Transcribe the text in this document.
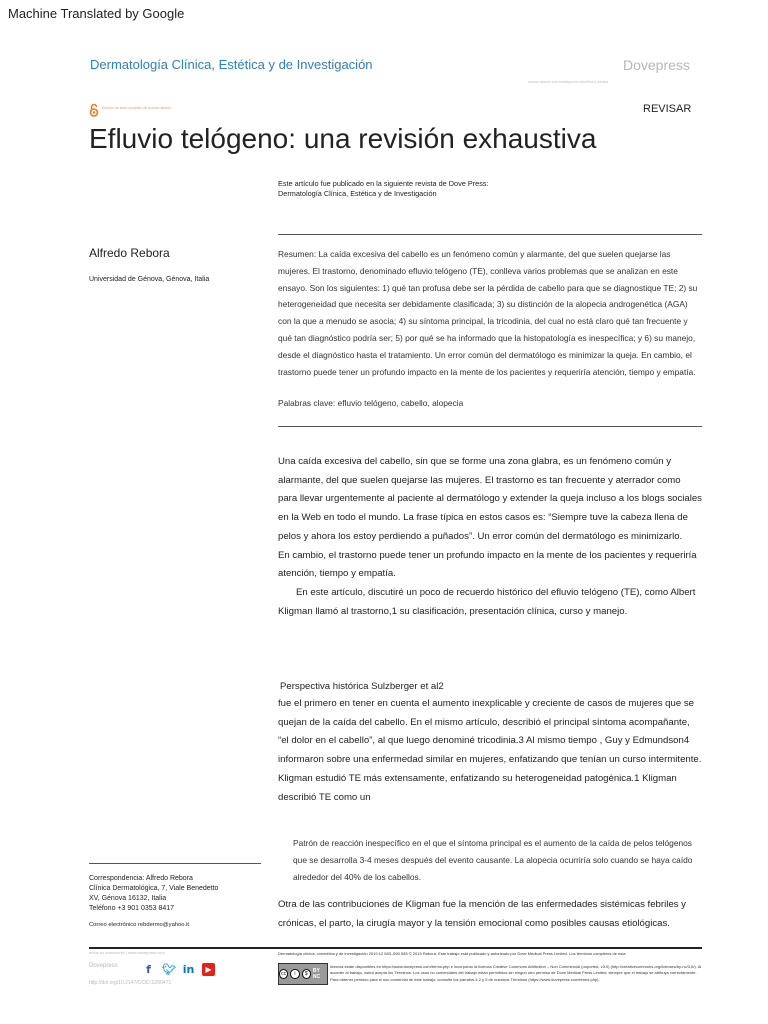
Machine Translated by Google
Dermatología Clínica, Estética y de Investigación	Dovepress
acceso abierto a la investigación científica y médica
Artículo de texto completo de acceso abierto	REVISAR
Efluvio telógeno: una revisión exhaustiva
Este artículo fue publicado en la siguiente revista de Dove Press:
Dermatología Clínica, Estética y de Investigación
Alfredo Rebora
Universidad de Génova, Génova, Italia
Resumen: La caída excesiva del cabello es un fenómeno común y alarmante, del que suelen quejarse las mujeres. El trastorno, denominado efluvio telógeno (TE), conlleva varios problemas que se analizan en este ensayo. Son los siguientes: 1) qué tan profusa debe ser la pérdida de cabello para que se diagnostique TE; 2) su heterogeneidad que necesita ser debidamente clasificada; 3) su distinción de la alopecia androgenética (AGA) con la que a menudo se asocia; 4) su síntoma principal, la tricodinia, del cual no está claro qué tan frecuente y qué tan diagnóstico podría ser; 5) por qué se ha informado que la histopatología es inespecífica; y 6) su manejo, desde el diagnóstico hasta el tratamiento. Un error común del dermatólogo es minimizar la queja. En cambio, el trastorno puede tener un profundo impacto en la mente de los pacientes y requeriría atención, tiempo y empatía.
Palabras clave: efluvio telógeno, cabello, alopecia

Una caída excesiva del cabello, sin que se forme una zona glabra, es un fenómeno común y alarmante, del que suelen quejarse las mujeres. El trastorno es tan frecuente y aterrador como para llevar urgentemente al paciente al dermatólogo y extender la queja incluso a los blogs sociales en la Web en todo el mundo. La frase típica en estos casos es: “Siempre tuve la cabeza llena de pelos y ahora los estoy perdiendo a puñados”. Un error común del dermatólogo es minimizarlo.

En cambio, el trastorno puede tener un profundo impacto en la mente de los pacientes y requeriría atención, tiempo y empatía.

En este artículo, discutiré un poco de recuerdo histórico del efluvio telógeno (TE), como Albert Kligman llamó al trastorno,1 su clasificación, presentación clínica, curso y manejo.

Perspectiva histórica Sulzberger et al2

fue el primero en tener en cuenta el aumento inexplicable y creciente de casos de mujeres que se quejan de la caída del cabello. En el mismo artículo, describió el principal síntoma acompañante, “el dolor en el cabello”, al que luego denominé tricodinia.3 Al mismo tiempo , Guy y Edmundson4 informaron sobre una enfermedad similar en mujeres, enfatizando que tenían un curso intermitente.

Kligman estudió TE más extensamente, enfatizando su heterogeneidad patogénica.1 Kligman describió TE como un

Patrón de reacción inespecífico en el que el síntoma principal es el aumento de la caída de pelos telógenos que se desarrolla 3-4 meses después del evento causante. La alopecia ocurriría solo cuando se haya caído alrededor del 40% de los cabellos.

Otra de las contribuciones de Kligman fue la mención de las enfermedades sistémicas febriles y crónicas, el parto, la cirugía mayor y la tensión emocional como posibles causas etiológicas.

Correspondencia: Alfredo Rebora
Clínica Dermatológica, 7, Viale Benedetto
XV, Génova 16132, Italia
Teléfono +3 901 0353 8417
Correo electrónico rebdermo@yahoo.it
envíe su manuscrito | www.dovepress.com
Dovepress	f	🐦︎ in	▶
http://doi.org/10.2147/CCID.S200471
Dermatología clínica, cosmética y de investigación 2019:12 583–590 583 © 2019 Rebora. Este trabajo está publicado y autorizado por Dove Medical Press Limited. Los términos completos de esta
cc	i	$	BY NC
licencia están disponibles en https://www.dovepress.com/terms.php e incorporan la licencia Creative Commons Attribution – Non Commercial (unported, v3.0) (http://creativecommons.org/licenses/by-nc/3.0/). Al acceder al trabajo, usted acepta los Términos. Los usos no comerciales del trabajo están permitidos sin ningún otro permiso de Dove Medical Press Limited, siempre que el trabajo se atribuya correctamente. Para obtener permiso para el uso comercial de este trabajo, consulte los párrafos 4.2 y 5 de nuestros Términos (https://www.dovepress.com/terms.php).
